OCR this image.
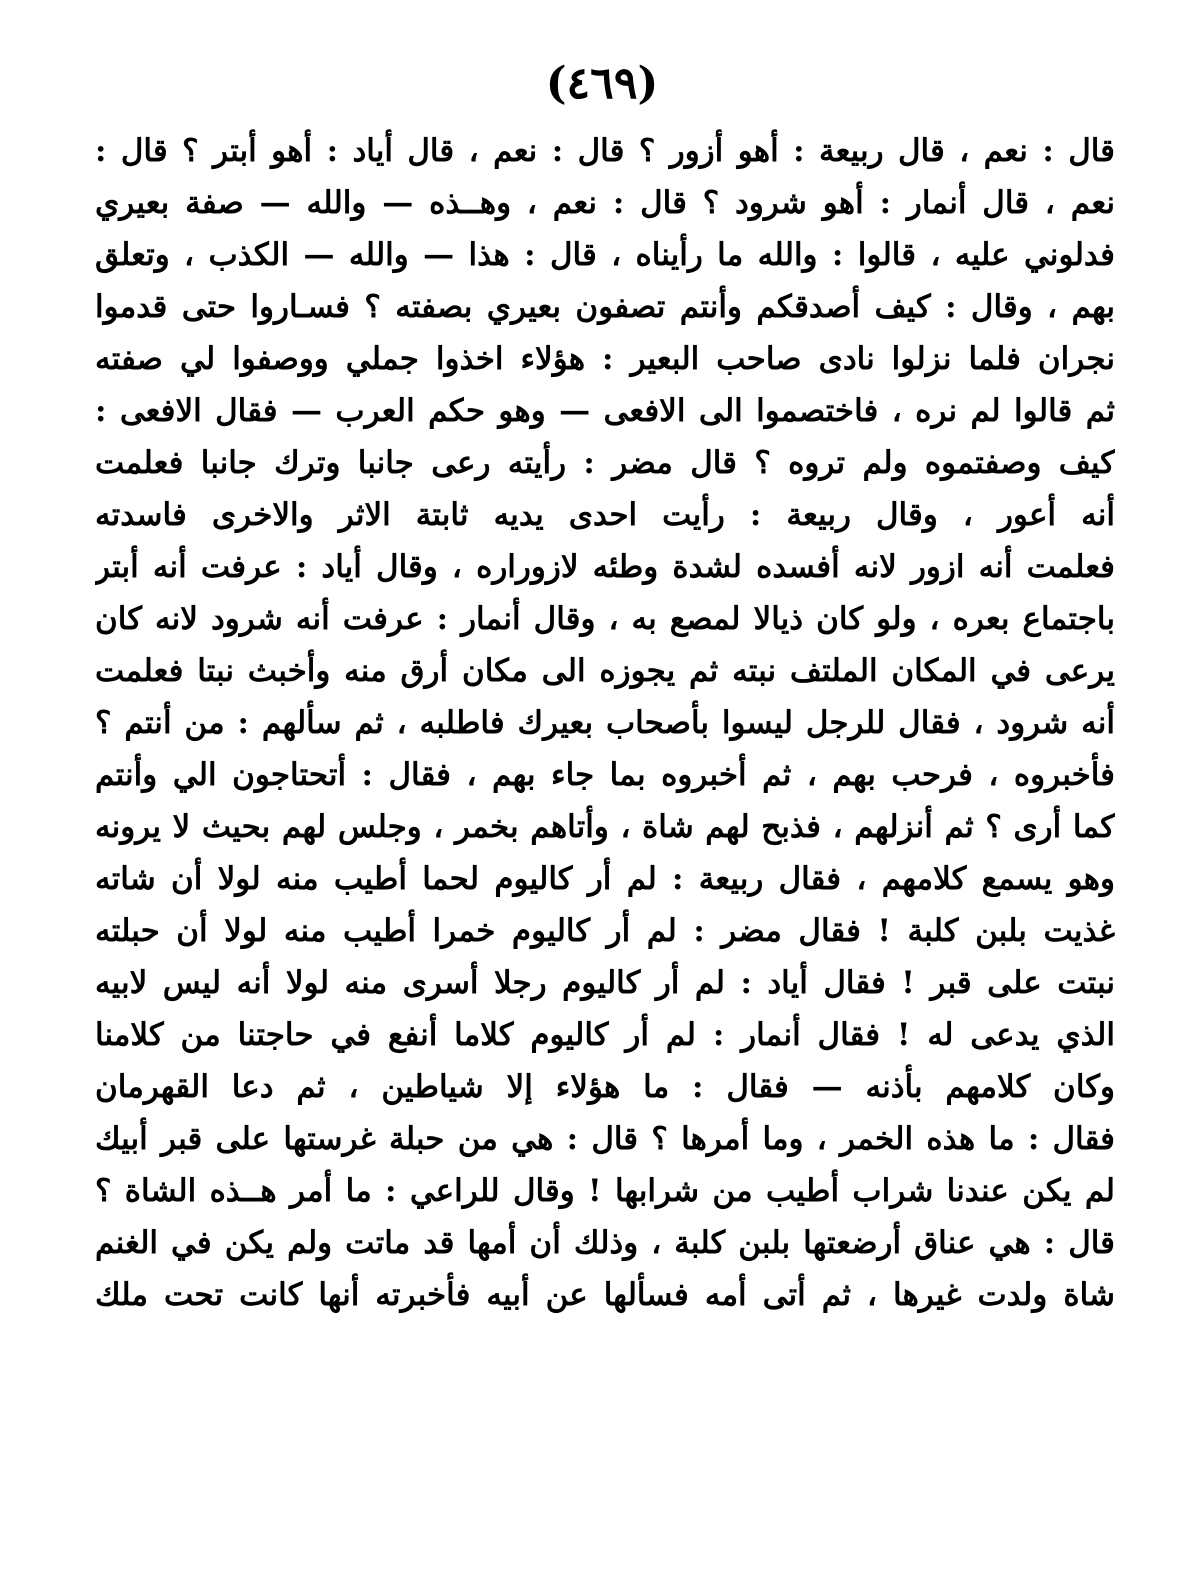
(٤٦٩)
قال : نعم ، قال ربيعة : أهو أزور ؟ قال : نعم ، قال أياد : أهو أبتر ؟ قال :
نعم ، قال أنمار : أهو شرود ؟ قال : نعم ، وهــذه — والله — صفة بعيري
فدلوني عليه ، قالوا : والله ما رأيناه ، قال : هذا — والله — الكذب ، وتعلق
بهم ، وقال : كيف أصدقكم وأنتم تصفون بعيري بصفته ؟ فسـاروا حتى قدموا
نجران فلما نزلوا نادى صاحب البعير : هؤلاء اخذوا جملي ووصفوا لي صفته
ثم قالوا لم نره ، فاختصموا الى الافعى — وهو حكم العرب — فقال الافعى :
كيف وصفتموه ولم تروه ؟ قال مضر : رأيته رعى جانبا وترك جانبا فعلمت
أنه أعور ، وقال ربيعة : رأيت احدى يديه ثابتة الاثر والاخرى فاسدته
فعلمت أنه ازور لانه أفسده لشدة وطئه لازوراره ، وقال أياد : عرفت أنه أبتر
باجتماع بعره ، ولو كان ذيالا لمصع به ، وقال أنمار : عرفت أنه شرود لانه كان
يرعى في المكان الملتف نبته ثم يجوزه الى مكان أرق منه وأخبث نبتا فعلمت
أنه شرود ، فقال للرجل ليسوا بأصحاب بعيرك فاطلبه ، ثم سألهم : من أنتم ؟
فأخبروه ، فرحب بهم ، ثم أخبروه بما جاء بهم ، فقال : أتحتاجون الي وأنتم
كما أرى ؟ ثم أنزلهم ، فذبح لهم شاة ، وأتاهم بخمر ، وجلس لهم بحيث لا يرونه
وهو يسمع كلامهم ، فقال ربيعة : لم أر كاليوم لحما أطيب منه لولا أن شاته
غذيت بلبن كلبة ! فقال مضر : لم أر كاليوم خمرا أطيب منه لولا أن حبلته
نبتت على قبر ! فقال أياد : لم أر كاليوم رجلا أسرى منه لولا أنه ليس لابيه
الذي يدعى له ! فقال أنمار : لم أر كاليوم كلاما أنفع في حاجتنا من كلامنا
وكان كلامهم بأذنه — فقال : ما هؤلاء إلا شياطين ، ثم دعا القهرمان
فقال : ما هذه الخمر ، وما أمرها ؟ قال : هي من حبلة غرستها على قبر أبيك
لم يكن عندنا شراب أطيب من شرابها ! وقال للراعي : ما أمر هــذه الشاة ؟
قال : هي عناق أرضعتها بلبن كلبة ، وذلك أن أمها قد ماتت ولم يكن في الغنم
شاة ولدت غيرها ، ثم أتى أمه فسألها عن أبيه فأخبرته أنها كانت تحت ملك
